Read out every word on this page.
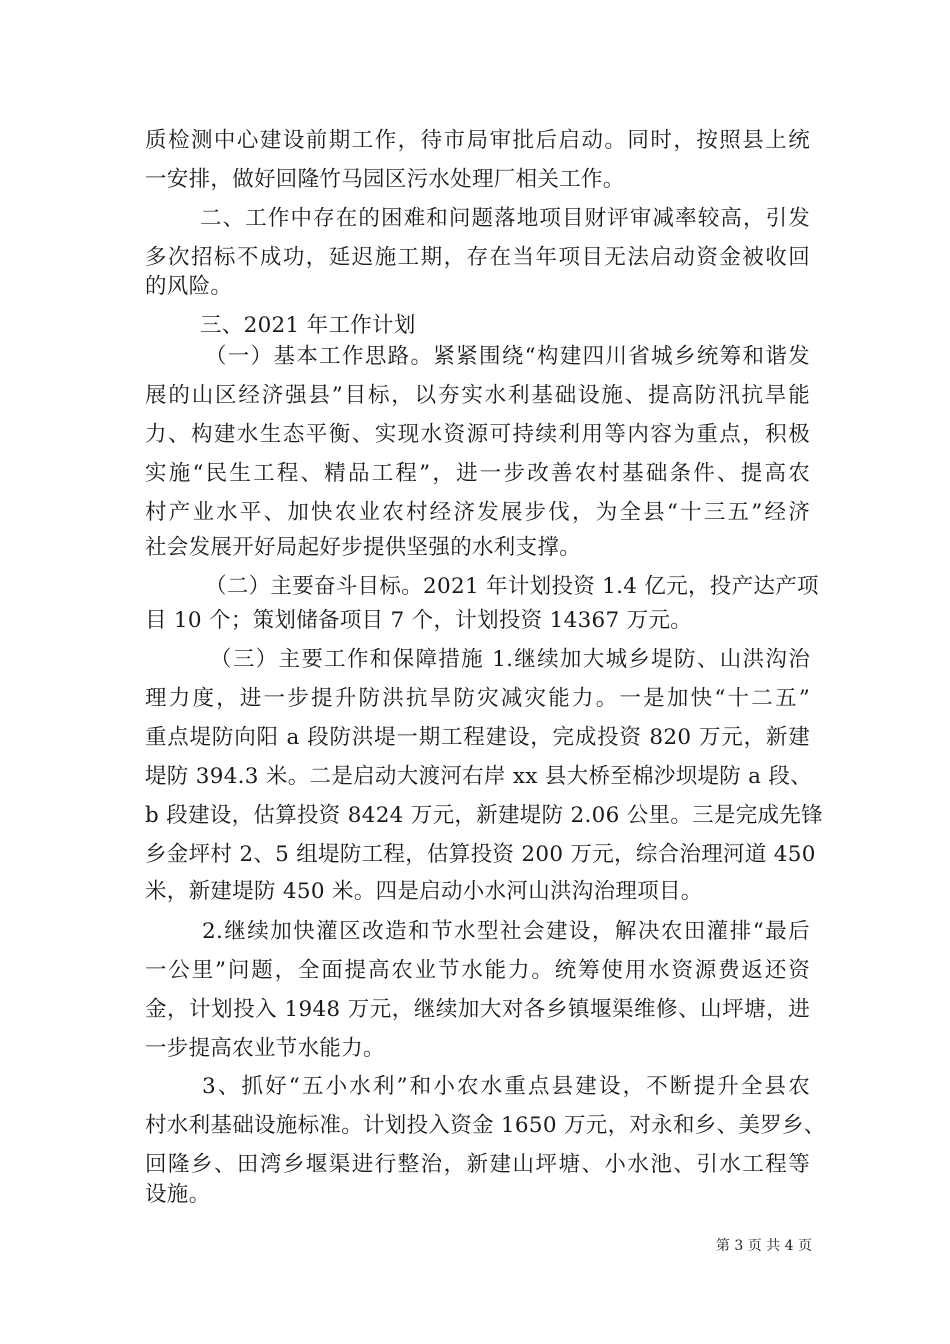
质检测中心建设前期工作，待市局审批后启动。同时，按照县上统
一安排，做好回隆竹马园区污水处理厂相关工作。
二、工作中存在的困难和问题落地项目财评审减率较高，引发
多次招标不成功，延迟施工期，存在当年项目无法启动资金被收回
的风险。
三、2021 年工作计划
（一）基本工作思路。紧紧围绕“构建四川省城乡统筹和谐发
展的山区经济强县”目标，以夯实水利基础设施、提高防汛抗旱能
力、构建水生态平衡、实现水资源可持续利用等内容为重点，积极
实施“民生工程、精品工程”，进一步改善农村基础条件、提高农
村产业水平、加快农业农村经济发展步伐，为全县“十三五”经济
社会发展开好局起好步提供坚强的水利支撑。
（二）主要奋斗目标。2021 年计划投资 1.4 亿元，投产达产项
目 10 个；策划储备项目 7 个，计划投资 14367 万元。
（三）主要工作和保障措施 1.继续加大城乡堤防、山洪沟治
理力度，进一步提升防洪抗旱防灾减灾能力。一是加快“十二五”
重点堤防向阳 a 段防洪堤一期工程建设，完成投资 820 万元，新建
堤防 394.3 米。二是启动大渡河右岸 xx 县大桥至棉沙坝堤防 a 段、
b 段建设，估算投资 8424 万元，新建堤防 2.06 公里。三是完成先锋
乡金坪村 2、5 组堤防工程，估算投资 200 万元，综合治理河道 450
米，新建堤防 450 米。四是启动小水河山洪沟治理项目。
2.继续加快灌区改造和节水型社会建设，解决农田灌排“最后
一公里”问题，全面提高农业节水能力。统筹使用水资源费返还资
金，计划投入 1948 万元，继续加大对各乡镇堰渠维修、山坪塘，进
一步提高农业节水能力。
3、抓好“五小水利”和小农水重点县建设，不断提升全县农
村水利基础设施标准。计划投入资金 1650 万元，对永和乡、美罗乡、
回隆乡、田湾乡堰渠进行整治，新建山坪塘、小水池、引水工程等
设施。
第 3 页 共 4 页
